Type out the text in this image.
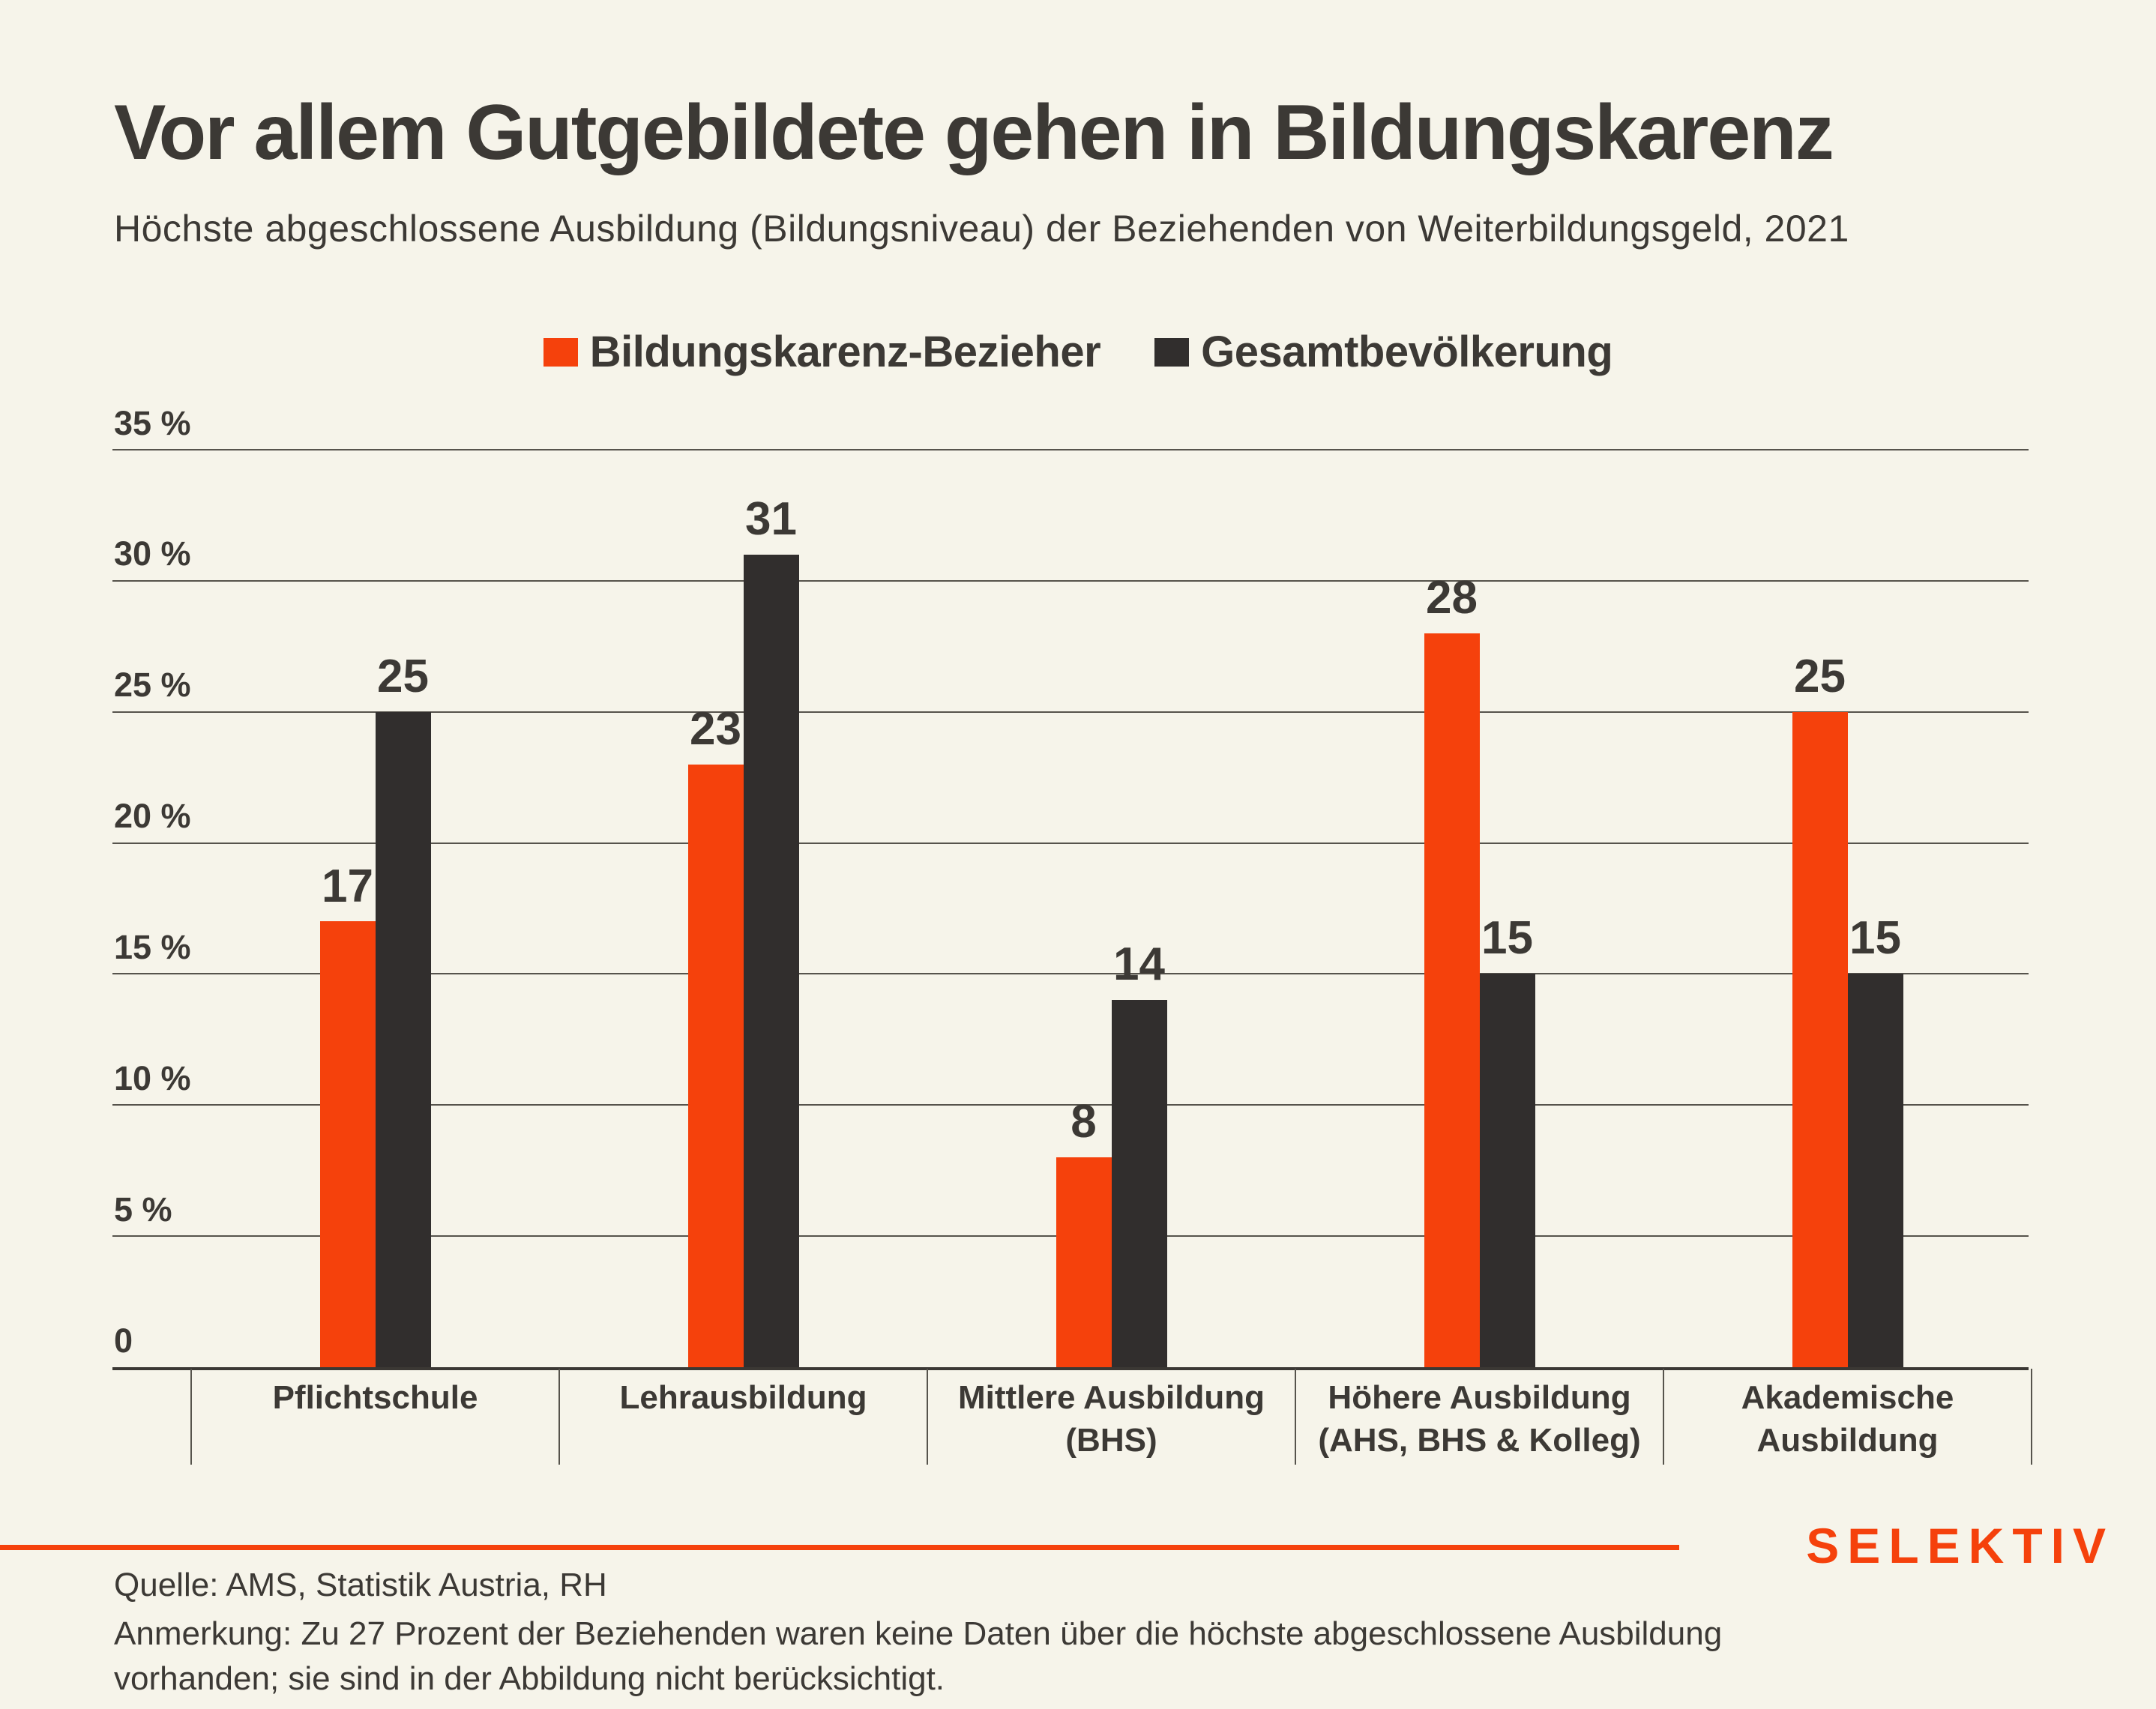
Vor allem Gutgebildete gehen in Bildungskarenz
Höchste abgeschlossene Ausbildung (Bildungsniveau) der Beziehenden von Weiterbildungsgeld, 2021
Bildungskarenz-Bezieher Gesamtbevölkerung
0
5 %
10 %
15 %
20 %
25 %
30 %
35 %
17
25
Pflichtschule
23
31
Lehrausbildung
8
14
Mittlere Ausbildung
(BHS)
28
15
Höhere Ausbildung
(AHS, BHS & Kolleg)
25
15
Akademische
Ausbildung
SELEKTIV
Quelle: AMS, Statistik Austria, RH
Anmerkung: Zu 27 Prozent der Beziehenden waren keine Daten über die höchste abgeschlossene Ausbildung
vorhanden; sie sind in der Abbildung nicht berücksichtigt.
